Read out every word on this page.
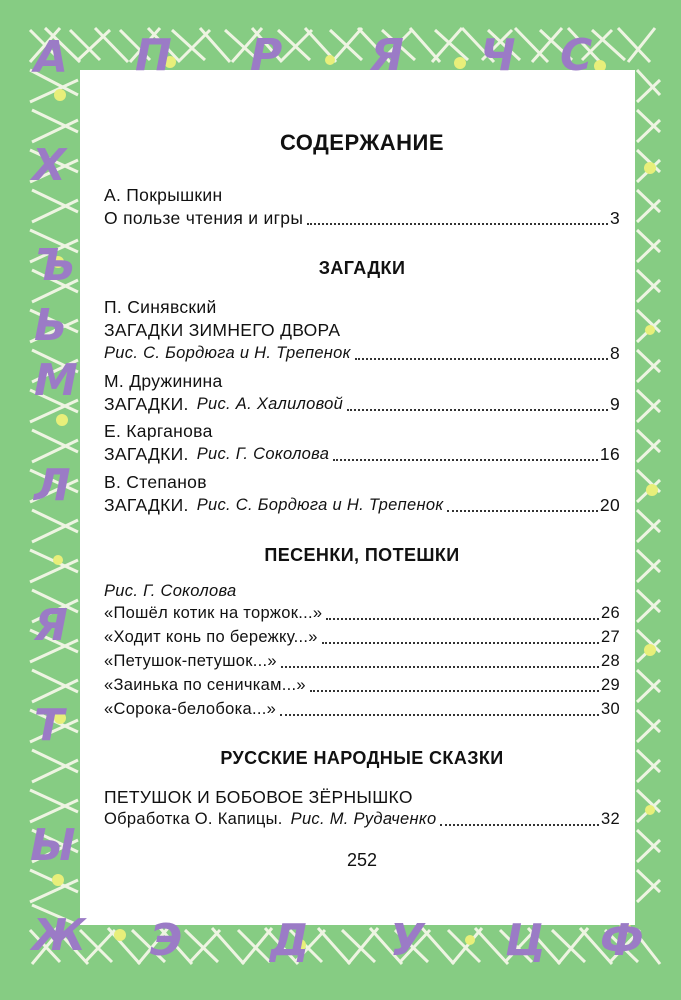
А П Р Я Ч С
Х
Ъ
Ь
М
Л
Я
Т
Ы
Ж Э Д У Ц Ф
СОДЕРЖАНИЕ
А. Покрышкин
О пользе чтения и игры	3
ЗАГАДКИ
П. Синявский
ЗАГАДКИ ЗИМНЕГО ДВОРА
Рис. С. Бордюга и Н. Трепенок	8
М. Дружинина
ЗАГАДКИ. Рис. А. Халиловой	9
Е. Карганова
ЗАГАДКИ. Рис. Г. Соколова	16
В. Степанов
ЗАГАДКИ. Рис. С. Бордюга и Н. Трепенок	20
ПЕСЕНКИ, ПОТЕШКИ
Рис. Г. Соколова
«Пошёл котик на торжок...»	26
«Ходит конь по бережку...»	27
«Петушок-петушок...»	28
«Заинька по сеничкам...»	29
«Сорока-белобока...»	30
РУССКИЕ НАРОДНЫЕ СКАЗКИ
ПЕТУШОК И БОБОВОЕ ЗЁРНЫШКО
Обработка О. Капицы. Рис. М. Рудаченко	32
252
